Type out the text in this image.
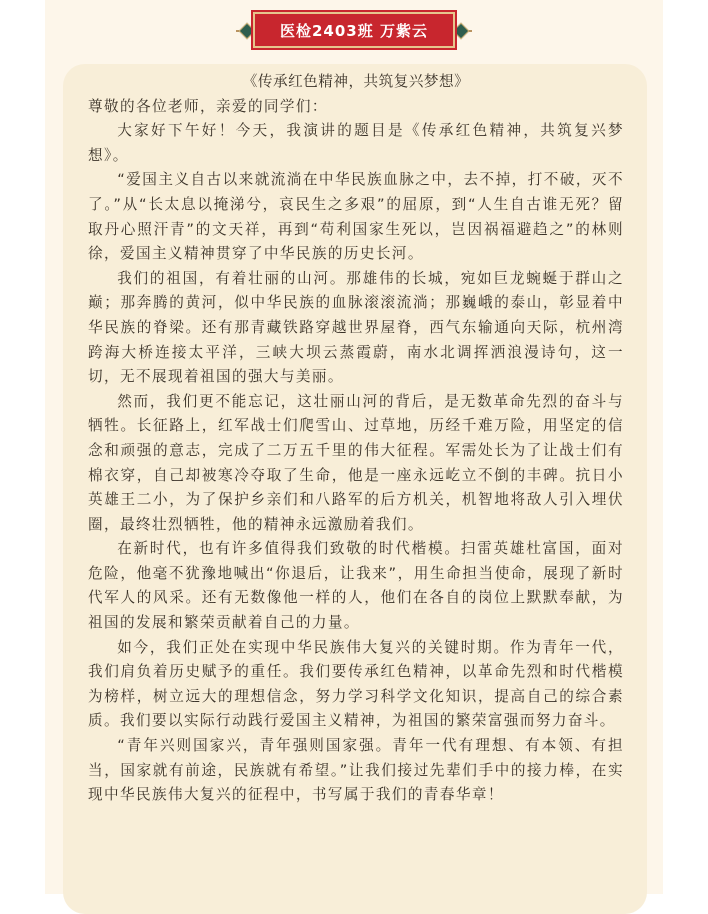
医检2403班 万紫云

《传承红色精神，共筑复兴梦想》

尊敬的各位老师，亲爱的同学们：

大家好下午好！今天，我演讲的题目是《传承红色精神，共筑复兴梦想》。

“爱国主义自古以来就流淌在中华民族血脉之中，去不掉，打不破，灭不了。”从“长太息以掩涕兮，哀民生之多艰”的屈原，到“人生自古谁无死？留取丹心照汗青”的文天祥，再到“苟利国家生死以，岂因祸福避趋之”的林则徐，爱国主义精神贯穿了中华民族的历史长河。

我们的祖国，有着壮丽的山河。那雄伟的长城，宛如巨龙蜿蜒于群山之巅；那奔腾的黄河，似中华民族的血脉滚滚流淌；那巍峨的泰山，彰显着中华民族的脊梁。还有那青藏铁路穿越世界屋脊，西气东输通向天际，杭州湾跨海大桥连接太平洋，三峡大坝云蒸霞蔚，南水北调挥洒浪漫诗句，这一切，无不展现着祖国的强大与美丽。

然而，我们更不能忘记，这壮丽山河的背后，是无数革命先烈的奋斗与牺牲。长征路上，红军战士们爬雪山、过草地，历经千难万险，用坚定的信念和顽强的意志，完成了二万五千里的伟大征程。军需处长为了让战士们有棉衣穿，自己却被寒冷夺取了生命，他是一座永远屹立不倒的丰碑。抗日小英雄王二小，为了保护乡亲们和八路军的后方机关，机智地将敌人引入埋伏圈，最终壮烈牺牲，他的精神永远激励着我们。

在新时代，也有许多值得我们致敬的时代楷模。扫雷英雄杜富国，面对危险，他毫不犹豫地喊出“你退后，让我来”，用生命担当使命，展现了新时代军人的风采。还有无数像他一样的人，他们在各自的岗位上默默奉献，为祖国的发展和繁荣贡献着自己的力量。

如今，我们正处在实现中华民族伟大复兴的关键时期。作为青年一代，我们肩负着历史赋予的重任。我们要传承红色精神，以革命先烈和时代楷模为榜样，树立远大的理想信念，努力学习科学文化知识，提高自己的综合素质。我们要以实际行动践行爱国主义精神，为祖国的繁荣富强而努力奋斗。

“青年兴则国家兴，青年强则国家强。青年一代有理想、有本领、有担当，国家就有前途，民族就有希望。”让我们接过先辈们手中的接力棒，在实现中华民族伟大复兴的征程中，书写属于我们的青春华章！
